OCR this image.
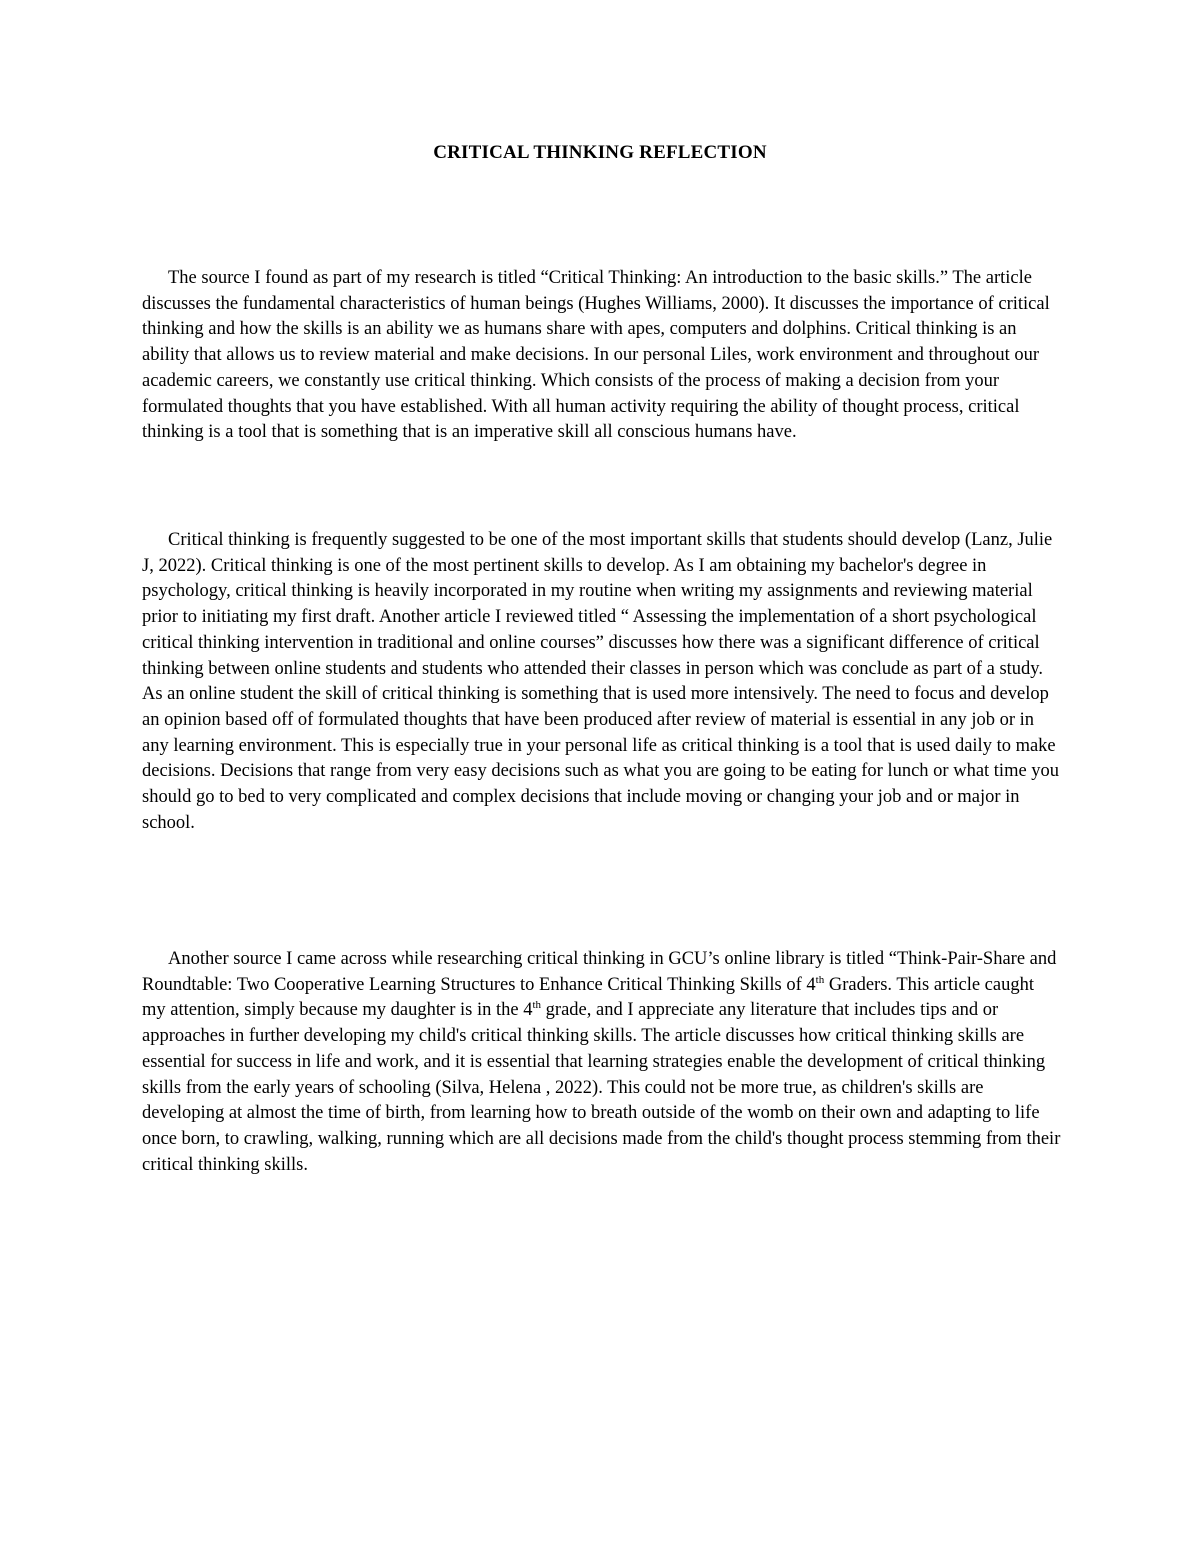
CRITICAL THINKING REFLECTION

The source I found as part of my research is titled “Critical Thinking: An introduction to the basic skills.” The article discusses the fundamental characteristics of human beings (Hughes Williams, 2000). It discusses the importance of critical thinking and how the skills is an ability we as humans share with apes, computers and dolphins. Critical thinking is an ability that allows us to review material and make decisions. In our personal Liles, work environment and throughout our academic careers, we constantly use critical thinking. Which consists of the process of making a decision from your formulated thoughts that you have established. With all human activity requiring the ability of thought process, critical thinking is a tool that is something that is an imperative skill all conscious humans have.

Critical thinking is frequently suggested to be one of the most important skills that students should develop (Lanz, Julie J, 2022). Critical thinking is one of the most pertinent skills to develop. As I am obtaining my bachelor's degree in psychology, critical thinking is heavily incorporated in my routine when writing my assignments and reviewing material prior to initiating my first draft. Another article I reviewed titled “ Assessing the implementation of a short psychological critical thinking intervention in traditional and online courses” discusses how there was a significant difference of critical thinking between online students and students who attended their classes in person which was conclude as part of a study. As an online student the skill of critical thinking is something that is used more intensively. The need to focus and develop an opinion based off of formulated thoughts that have been produced after review of material is essential in any job or in any learning environment. This is especially true in your personal life as critical thinking is a tool that is used daily to make decisions. Decisions that range from very easy decisions such as what you are going to be eating for lunch or what time you should go to bed to very complicated and complex decisions that include moving or changing your job and or major in school.

Another source I came across while researching critical thinking in GCU’s online library is titled “Think-Pair-Share and Roundtable: Two Cooperative Learning Structures to Enhance Critical Thinking Skills of 4th Graders. This article caught my attention, simply because my daughter is in the 4th grade, and I appreciate any literature that includes tips and or approaches in further developing my child's critical thinking skills. The article discusses how critical thinking skills are essential for success in life and work, and it is essential that learning strategies enable the development of critical thinking skills from the early years of schooling (Silva, Helena , 2022). This could not be more true, as children's skills are developing at almost the time of birth, from learning how to breath outside of the womb on their own and adapting to life once born, to crawling, walking, running which are all decisions made from the child's thought process stemming from their critical thinking skills.
